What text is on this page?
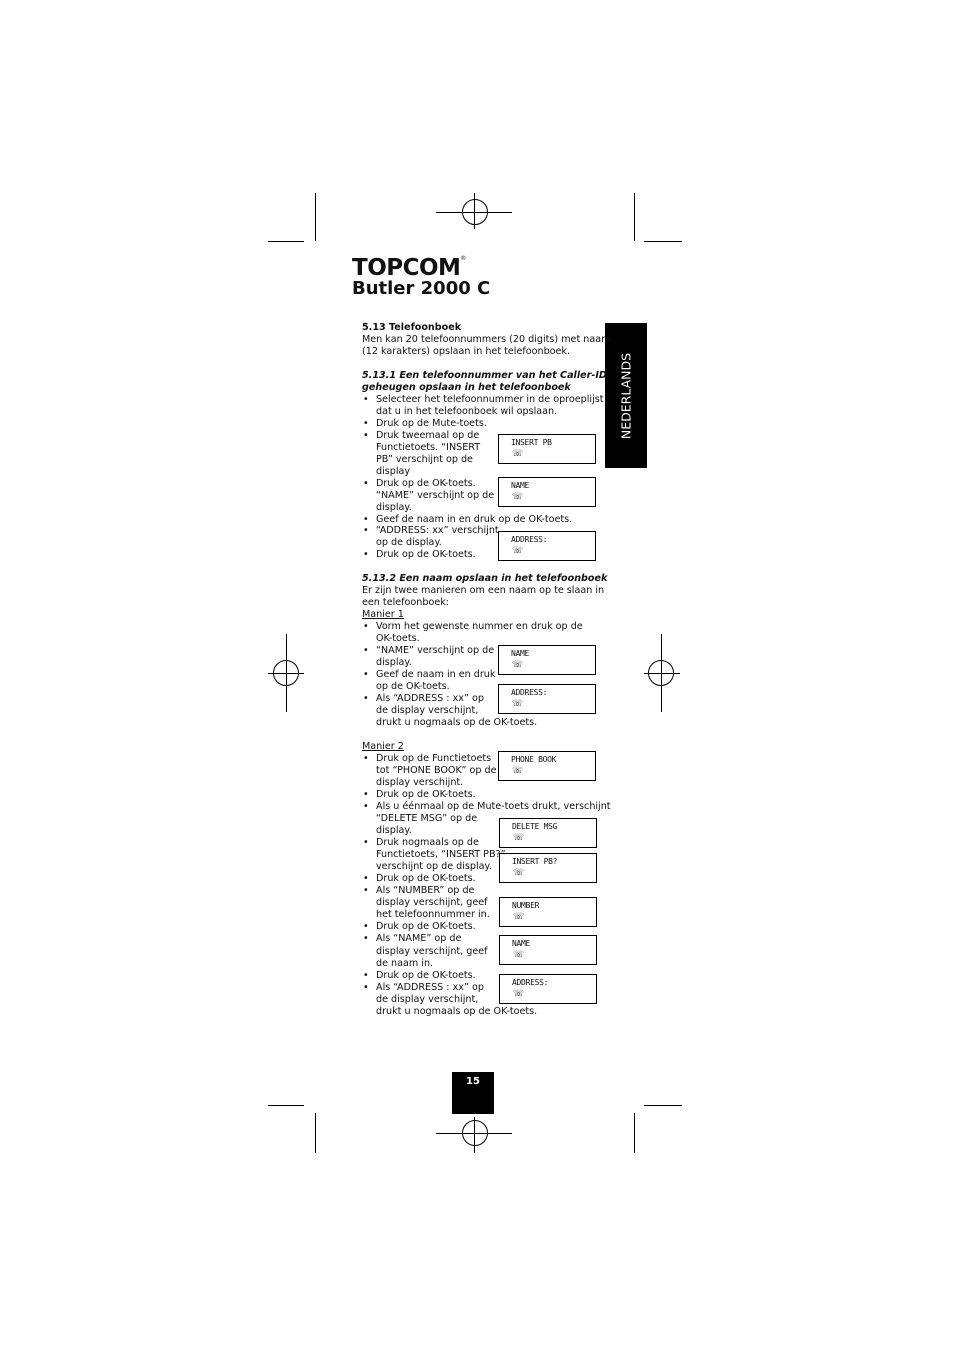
TOPCOM®
Butler 2000 C
NEDERLANDS
5.13 Telefoonboek
Men kan 20 telefoonnummers (20 digits) met naam
(12 karakters) opslaan in het telefoonboek.
5.13.1 Een telefoonnummer van het Caller-ID
geheugen opslaan in het telefoonboek
• Selecteer het telefoonnummer in de oproeplijst
dat u in het telefoonboek wil opslaan.
• Druk op de Mute-toets.
• Druk tweemaal op de
Functietoets. “INSERT
PB” verschijnt op de
display
• Druk op de OK-toets.
“NAME” verschijnt op de
display.
• Geef de naam in en druk op de OK-toets.
• “ADDRESS: xx” verschijnt
op de display.
• Druk op de OK-toets.
5.13.2 Een naam opslaan in het telefoonboek
Er zijn twee manieren om een naam op te slaan in
een telefoonboek:
Manier 1
• Vorm het gewenste nummer en druk op de
OK-toets.
• “NAME” verschijnt op de
display.
• Geef de naam in en druk
op de OK-toets.
• Als “ADDRESS : xx” op
de display verschijnt,
drukt u nogmaals op de OK-toets.
Manier 2
• Druk op de Functietoets
tot “PHONE BOOK” op de
display verschijnt.
• Druk op de OK-toets.
• Als u éénmaal op de Mute-toets drukt, verschijnt
“DELETE MSG” op de
display.
• Druk nogmaals op de
Functietoets, “INSERT PB?”
verschijnt op de display.
• Druk op de OK-toets.
• Als “NUMBER” op de
display verschijnt, geef
het telefoonnummer in.
• Druk op de OK-toets.
• Als “NAME” op de
display verschijnt, geef
de naam in.
• Druk op de OK-toets.
• Als “ADDRESS : xx” op
de display verschijnt,
drukt u nogmaals op de OK-toets.
INSERT PB
☏
NAME
☏
ADDRESS:
☏
NAME
☏
ADDRESS:
☏
PHONE BOOK
☏
DELETE MSG
☏
INSERT PB?
☏
NUMBER
☏
NAME
☏
ADDRESS:
☏
15
